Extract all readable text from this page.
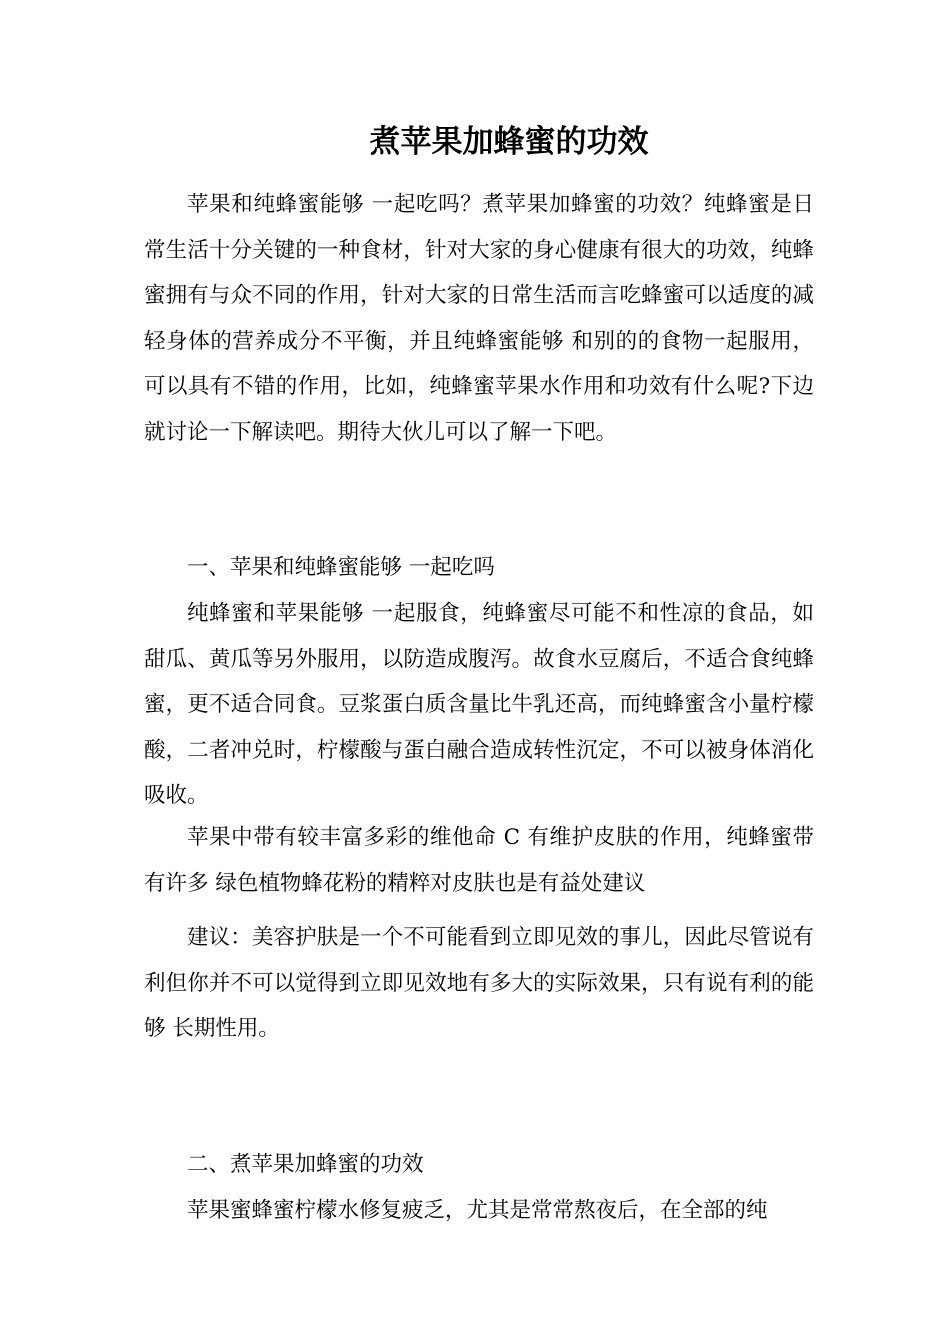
煮苹果加蜂蜜的功效

苹果和纯蜂蜜能够 一起吃吗？煮苹果加蜂蜜的功效？纯蜂蜜是日常生活十分关键的一种食材，针对大家的身心健康有很大的功效，纯蜂蜜拥有与众不同的作用，针对大家的日常生活而言吃蜂蜜可以适度的减轻身体的营养成分不平衡，并且纯蜂蜜能够 和别的的食物一起服用，可以具有不错的作用，比如，纯蜂蜜苹果水作用和功效有什么呢?下边就讨论一下解读吧。期待大伙儿可以了解一下吧。

一、苹果和纯蜂蜜能够 一起吃吗

纯蜂蜜和苹果能够 一起服食，纯蜂蜜尽可能不和性凉的食品，如甜瓜、黄瓜等另外服用，以防造成腹泻。故食水豆腐后，不适合食纯蜂蜜，更不适合同食。豆浆蛋白质含量比牛乳还高，而纯蜂蜜含小量柠檬酸，二者冲兑时，柠檬酸与蛋白融合造成转性沉定，不可以被身体消化吸收。

苹果中带有较丰富多彩的维他命 C 有维护皮肤的作用，纯蜂蜜带有许多 绿色植物蜂花粉的精粹对皮肤也是有益处建议

建议：美容护肤是一个不可能看到立即见效的事儿，因此尽管说有利但你并不可以觉得到立即见效地有多大的实际效果，只有说有利的能够 长期性用。

二、煮苹果加蜂蜜的功效

苹果蜜蜂蜜柠檬水修复疲乏，尤其是常常熬夜后，在全部的纯
